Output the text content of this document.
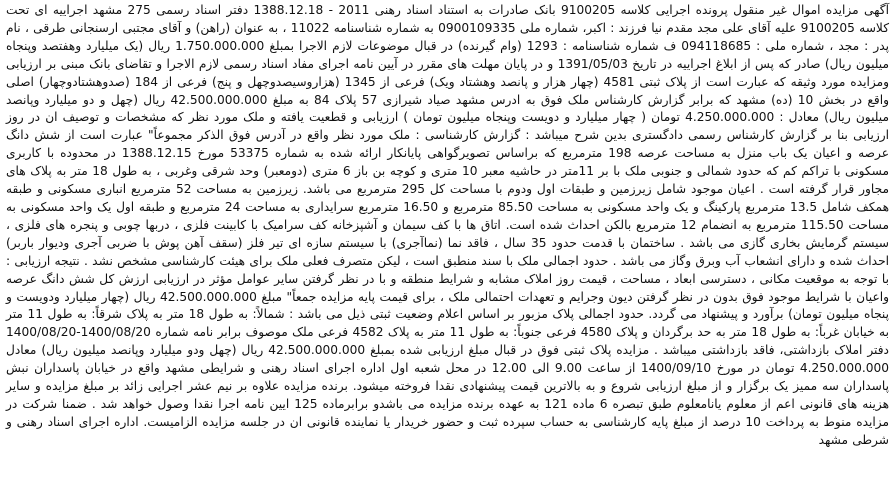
آگهی مزایده اموال غیر منقول پرونده اجرایی کلاسه 9100205 بانک صادرات به استناد اسناد رهنی 2011 - 1388.12.18 دفتر اسناد رسمی 275 مشهد اجراییه ای تحت کلاسه 9100205 علیه آقای علی مجد مقدم نیا فرزند : اکبر، شماره ملی 0900109335 به شماره شناسنامه 11022 ، به عنوان (راهن) و آقای مجتبی ارسنجانی طرقی ، نام پدر : مجد ، شماره ملی : 094118685 ف شماره شناسنامه : 1293 (وام گیرنده) در قبال موضوعات لازم الاجرا بمبلغ 1.750.000.000 ریال (یک میلیارد وهفتصد وپنجاه میلیون ریال) صادر که پس از ابلاغ اجراییه در تاریخ 1391/05/03 و در پایان مهلت های مقرر در آیین نامه اجرای مفاد اسناد رسمی لازم الاجرا و تقاضای بانک مبنی بر ارزیابی ومزایده مورد وثیقه که عبارت است از پلاک ثبتی 4581 (چهار هزار و پانصد وهشتاد ویک) فرعی از 1345 (هزاروسیصدوچهل و پنج) فرعی از 184 (صدوهشتادوچهار) اصلی واقع در بخش 10 (ده) مشهد که برابر گزارش کارشناس ملک فوق به ادرس مشهد صیاد شیرازی 57 پلاک 84 به مبلغ 42.500.000.000 ریال (چهل و دو میلیارد وپانصد میلیون ریال) معادل : 4.250.000.000 تومان ( چهار میلیارد و دویست وپنجاه میلیون تومان ) ارزیابی و قطعیت یافته و ملک مورد نظر که مشخصات و توصیف ان در روز ارزیابی بنا بر گزارش کارشناس رسمی دادگستری بدین شرح میباشد : گزارش کارشناسی : ملک مورد نظر واقع در آدرس فوق الذکر مجموعاً" عبارت است از شش دانگ عرصه و اعیان یک باب منزل به مساحت عرصه 198 مترمربع که براساس تصویرگواهی پایانکار ارائه شده به شماره 53375 مورخ 1388.12.15 در محدوده با کاربری مسکونی با تراکم کم که حدود شمالی و جنوبی ملک با بر 11متر در حاشیه معبر 10 متری و کوچه بن باز 6 متری (دومعبر) وحد شرقی وغربی ، به طول 18 متر به پلاک های مجاور قرار گرفته است . اعیان موجود شامل زیرزمین و طبقات اول ودوم با مساحت کل 295 مترمربع می باشد. زیرزمین به مساحت 52 مترمربع انباری مسکونی و طبقه همکف شامل 13.5 مترمربع پارکینگ و یک واحد مسکونی به مساحت 85.50 مترمربع و 16.50 مترمربع سرایداری به مساحت 24 مترمربع و طبقه اول یک واحد مسکونی به مساحت 115.50 مترمربع به انضمام 12 مترمربع بالکن احداث شده است. اتاق ها با کف سیمان و آشپزخانه کف سرامیک با کابینت فلزی ، دربها چوبی و پنجره های فلزی ، سیستم گرمایش بخاری گازی می باشد . ساختمان با قدمت حدود 35 سال ، فاقد نما (نماآجری) با سیستم سازه ای تیر فلز (سقف آهن پوش با ضربی آجری ودیوار باربر) احداث شده و دارای انشعاب آب وبرق وگاز می باشد . حدود اجمالی ملک با سند منطبق است ، لیکن متصرف فعلی ملک برای هیئت کارشناسی مشخص نشد . نتیجه ارزیابی : با توجه به موقعیت مکانی ، دسترسی ابعاد ، مساحت ، قیمت روز املاک مشابه و شرایط منطقه و با در نظر گرفتن سایر عوامل مؤثر در ارزیابی ارزش کل شش دانگ عرصه واعیان با شرایط موجود فوق بدون در نظر گرفتن دیون وجرایم و تعهدات احتمالی ملک ، برای قیمت پایه مزایده جمعاً" مبلغ 42.500.000.000 ریال (چهار میلیارد ودویست و پنجاه میلیون تومان) برآورد و پیشنهاد می گردد. حدود اجمالی پلاک مزبور بر اساس اعلام وضعیت ثبتی ذیل می باشد : شمالاً: به طول 18 متر به پلاک شرقاً: به طول 11 متر به خیابان غرباً: به طول 18 متر به حد برگردان و پلاک 4580 فرعی جنوباً: به طول 11 متر به پلاک 4582 فرعی ملک موصوف برابر نامه شماره 1400/08/20-1400/08/20 دفتر املاک بازداشتی، فاقد بازداشتی میباشد . مزایده پلاک ثبتی فوق در قبال مبلغ ارزیابی شده بمبلغ 42.500.000.000 ریال (چهل ودو میلیارد وپانصد میلیون ریال) معادل 4.250.000.000 تومان در مورخ 1400/09/10 از ساعت 9.00 الی 12.00 در محل شعبه اول اداره اجرای اسناد رهنی و شرایطی مشهد واقع در خیابان پاسداران نبش پاسداران سه ممیز یک برگزار و از مبلغ ارزیابی شروع و به بالاترین قیمت پیشنهادی نقدا فروخته میشود. برنده مزایده علاوه بر نیم عشر اجرایی زائد بر مبلغ مزایده و سایر هزینه های قانونی اعم از معلوم یانامعلوم طبق تبصره 6 ماده 121 به عهده برنده مزایده می باشدو برابرماده 125 ایین نامه اجرا نقدا وصول خواهد شد . ضمنا شرکت در مزایده منوط به پرداخت 10 درصد از مبلغ پایه کارشناسی به حساب سپرده ثبت و حضور خریدار یا نماینده قانونی ان در جلسه مزایده الزامیست. اداره اجرای اسناد رهنی و شرطی مشهد
